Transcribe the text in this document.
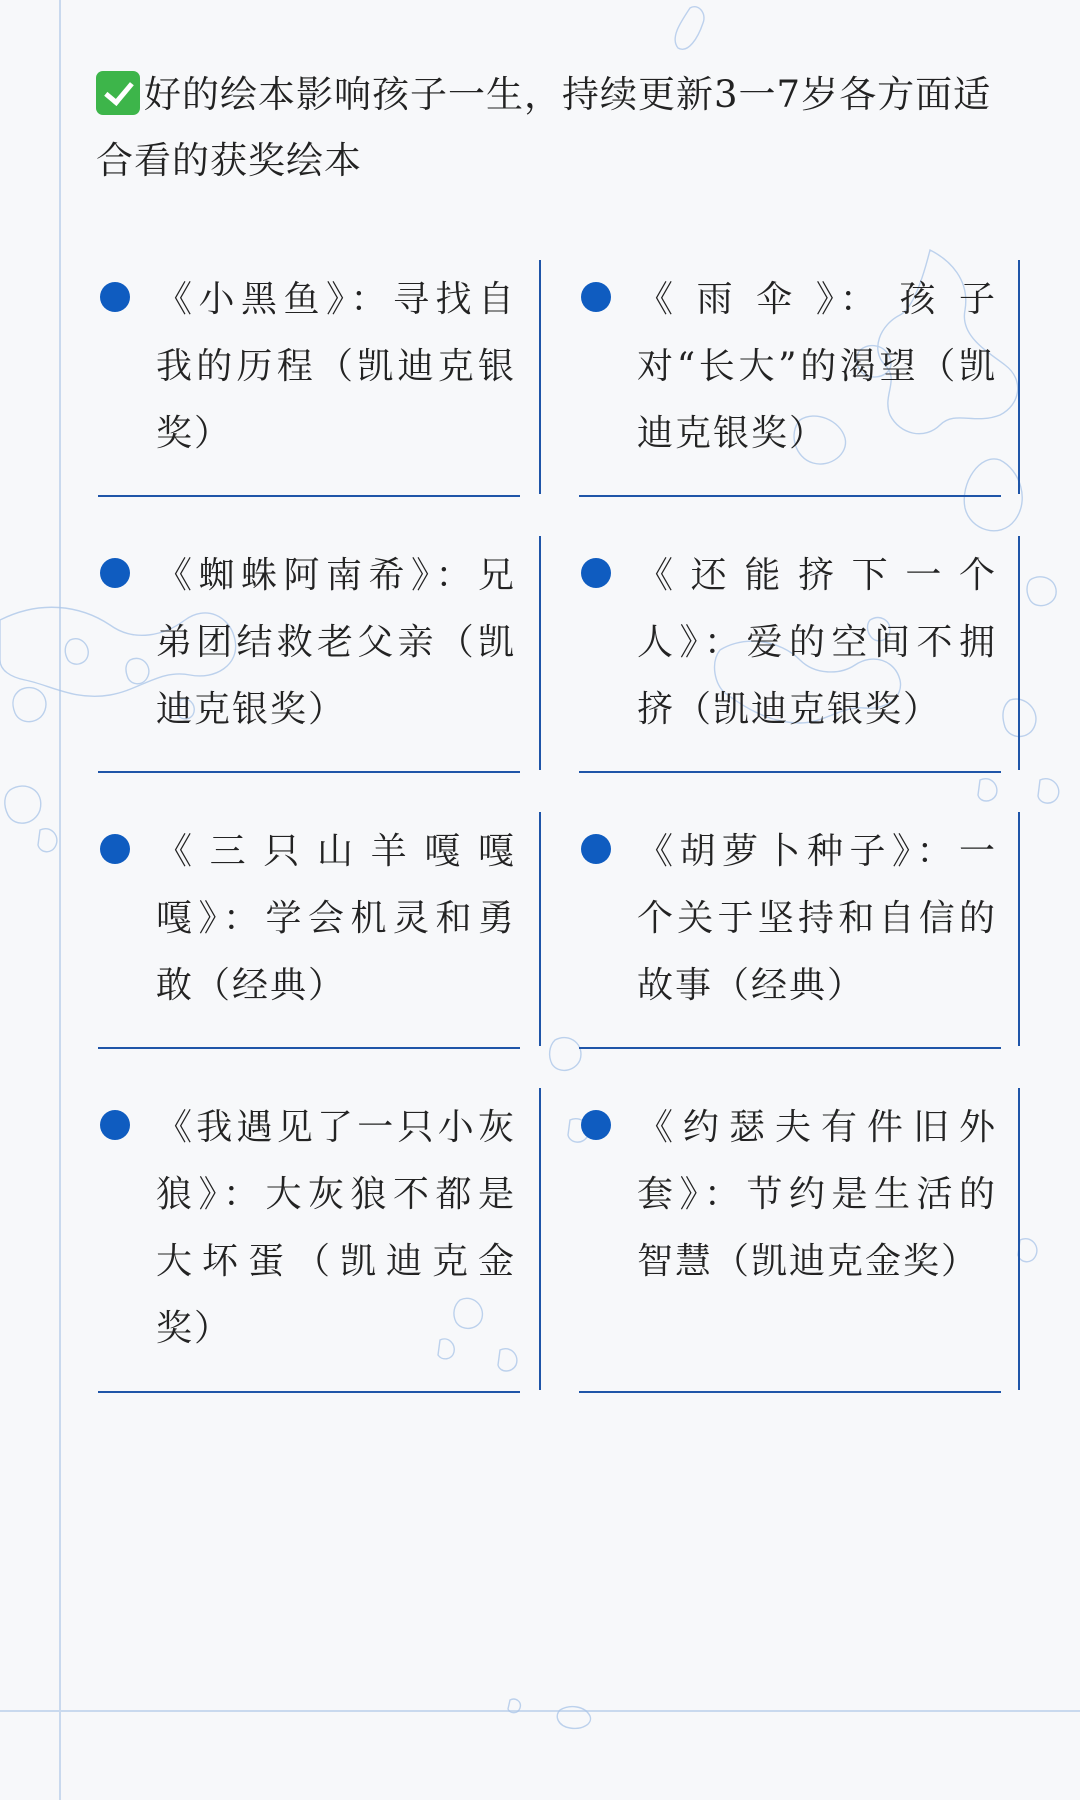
好的绘本影响孩子一生，持续更新3一7岁各方面适
合看的获奖绘本
《小黑鱼》：寻找自我的历程（凯迪克银奖）
《 雨 伞 》： 孩 子 对“长大”的渴望（凯迪克银奖）
《蜘蛛阿南希》：兄弟团结救老父亲（凯迪克银奖）
《 还 能 挤 下 一 个 人》：爱的空间不拥挤（凯迪克银奖）
《 三 只 山 羊 嘎 嘎 嘎》：学会机灵和勇敢（经典）
《胡萝卜种子》：一个关于坚持和自信的故事（经典）
《我遇见了一只小灰狼》：大灰狼不都是大坏蛋（凯迪克金奖）
《约瑟夫有件旧外套》：节约是生活的智慧（凯迪克金奖）
